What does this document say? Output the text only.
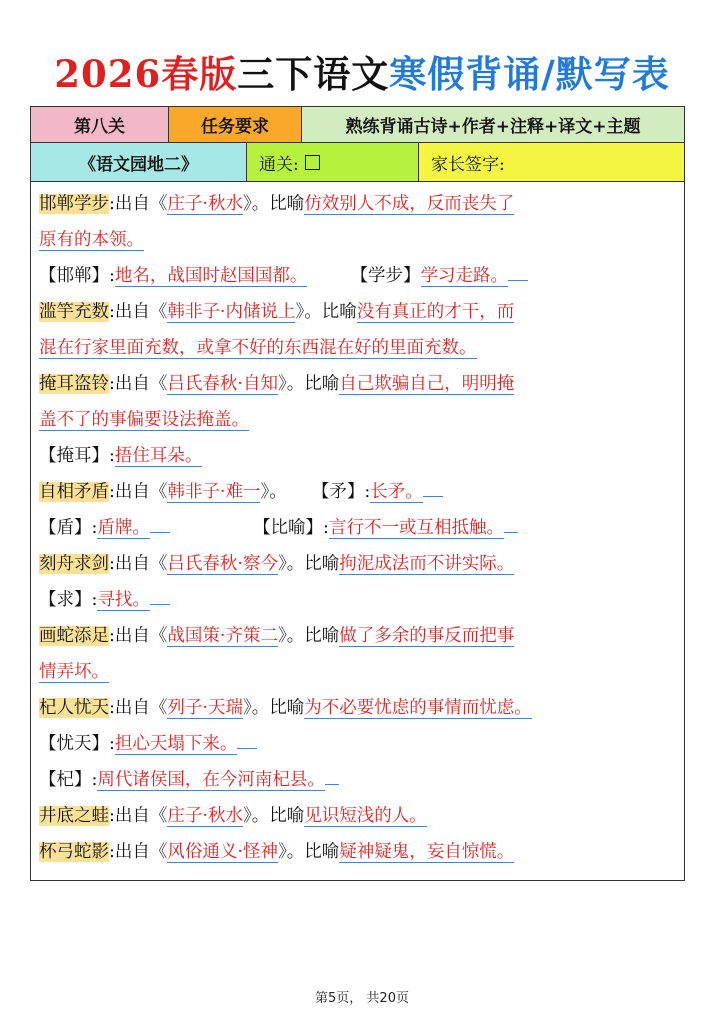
2026春版三下语文寒假背诵/默写表
第八关	任务要求	熟练背诵古诗+作者+注释+译文+主题
《语文园地二》	通关:	家长签字:
邯郸学步:出自《庄子·秋水》。比喻仿效别人不成，反而丧失了
原有的本领。
【邯郸】:地名，战国时赵国国都。 【学步】学习走路。
滥竽充数:出自《韩非子·内储说上》。比喻没有真正的才干，而
混在行家里面充数，或拿不好的东西混在好的里面充数。
掩耳盗铃:出自《吕氏春秋·自知》。比喻自己欺骗自己，明明掩
盖不了的事偏要设法掩盖。
【掩耳】:捂住耳朵。
自相矛盾:出自《韩非子·难一》。 【矛】:长矛。
【盾】:盾牌。	【比喻】:言行不一或互相抵触。
刻舟求剑:出自《吕氏春秋·察今》。比喻拘泥成法而不讲实际。
【求】:寻找。
画蛇添足:出自《战国策·齐策二》。比喻做了多余的事反而把事
情弄坏。
杞人忧天:出自《列子·天瑞》。比喻为不必要忧虑的事情而忧虑。
【忧天】:担心天塌下来。
【杞】:周代诸侯国，在今河南杞县。
井底之蛙:出自《庄子·秋水》。比喻见识短浅的人。
杯弓蛇影:出自《风俗通义·怪神》。比喻疑神疑鬼，妄自惊慌。
第5页， 共20页
